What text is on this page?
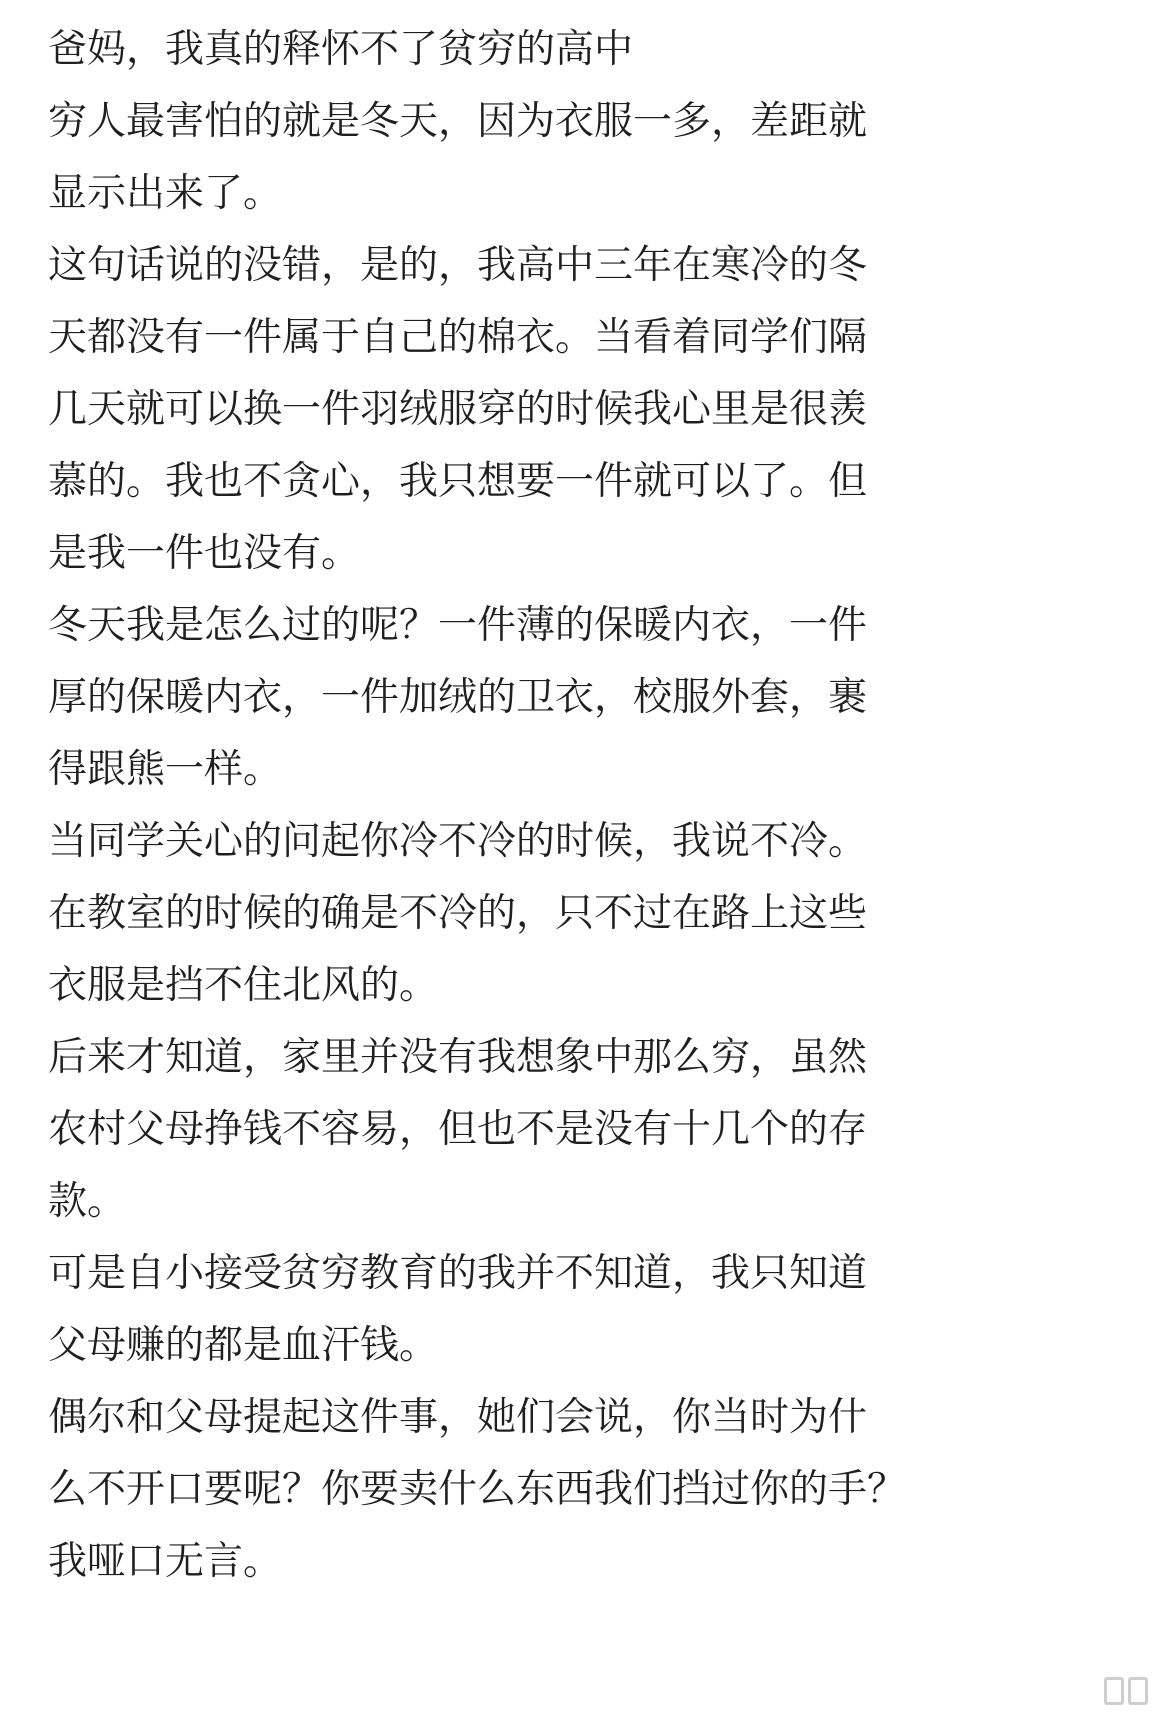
爸妈，我真的释怀不了贫穷的高中
穷人最害怕的就是冬天，因为衣服一多，差距就
显示出来了。
这句话说的没错，是的，我高中三年在寒冷的冬
天都没有一件属于自己的棉衣。当看着同学们隔
几天就可以换一件羽绒服穿的时候我心里是很羡
慕的。我也不贪心，我只想要一件就可以了。但
是我一件也没有。
冬天我是怎么过的呢？一件薄的保暖内衣，一件
厚的保暖内衣，一件加绒的卫衣，校服外套，裹
得跟熊一样。
当同学关心的问起你冷不冷的时候，我说不冷。
在教室的时候的确是不冷的，只不过在路上这些
衣服是挡不住北风的。
后来才知道，家里并没有我想象中那么穷，虽然
农村父母挣钱不容易，但也不是没有十几个的存
款。
可是自小接受贫穷教育的我并不知道，我只知道
父母赚的都是血汗钱。
偶尔和父母提起这件事，她们会说，你当时为什
么不开口要呢？你要卖什么东西我们挡过你的手？
我哑口无言。
